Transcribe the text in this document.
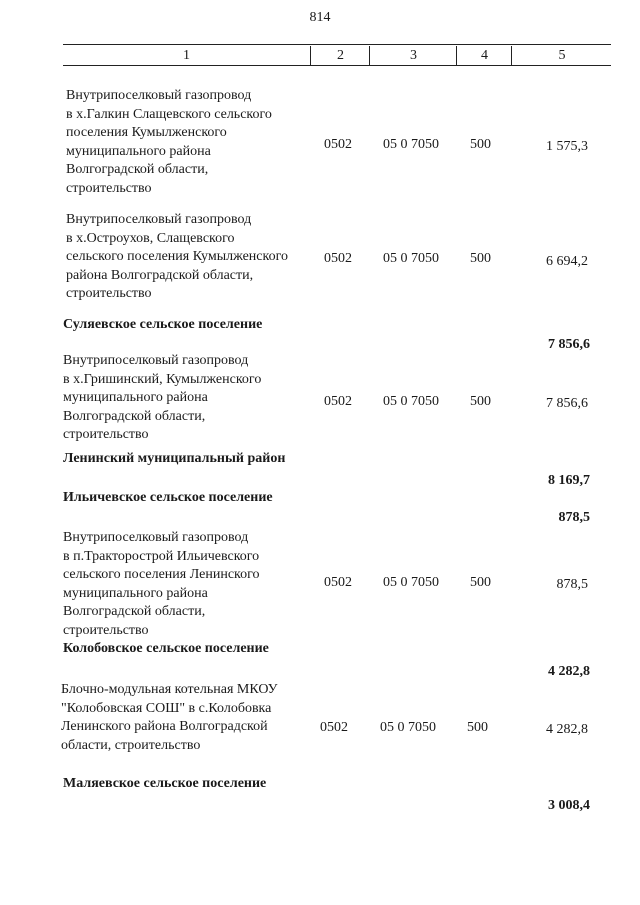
814
1	2	3	4	5
Внутрипоселковый газопровод
в х.Галкин Слащевского сельского
поселения Кумылженского
муниципального района
Волгоградской области,
строительство
0502 05 0 7050 500	1 575,3
Внутрипоселковый газопровод
в х.Остроухов, Слащевского
сельского поселения Кумылженского
района Волгоградской области,
строительство
0502 05 0 7050 500	6 694,2
Суляевское сельское поселение
7 856,6
Внутрипоселковый газопровод
в х.Гришинский, Кумылженского
муниципального района
Волгоградской области,
строительство
0502 05 0 7050 500	7 856,6
Ленинский муниципальный район
8 169,7
Ильичевское сельское поселение
878,5
Внутрипоселковый газопровод
в п.Тракторострой Ильичевского
сельского поселения Ленинского
муниципального района
Волгоградской области,
строительство
0502 05 0 7050 500	878,5
Колобовское сельское поселение
4 282,8
Блочно-модульная котельная МКОУ
"Колобовская СОШ" в с.Колобовка
Ленинского района Волгоградской
области, строительство
0502 05 0 7050 500	4 282,8
Маляевское сельское поселение
3 008,4
